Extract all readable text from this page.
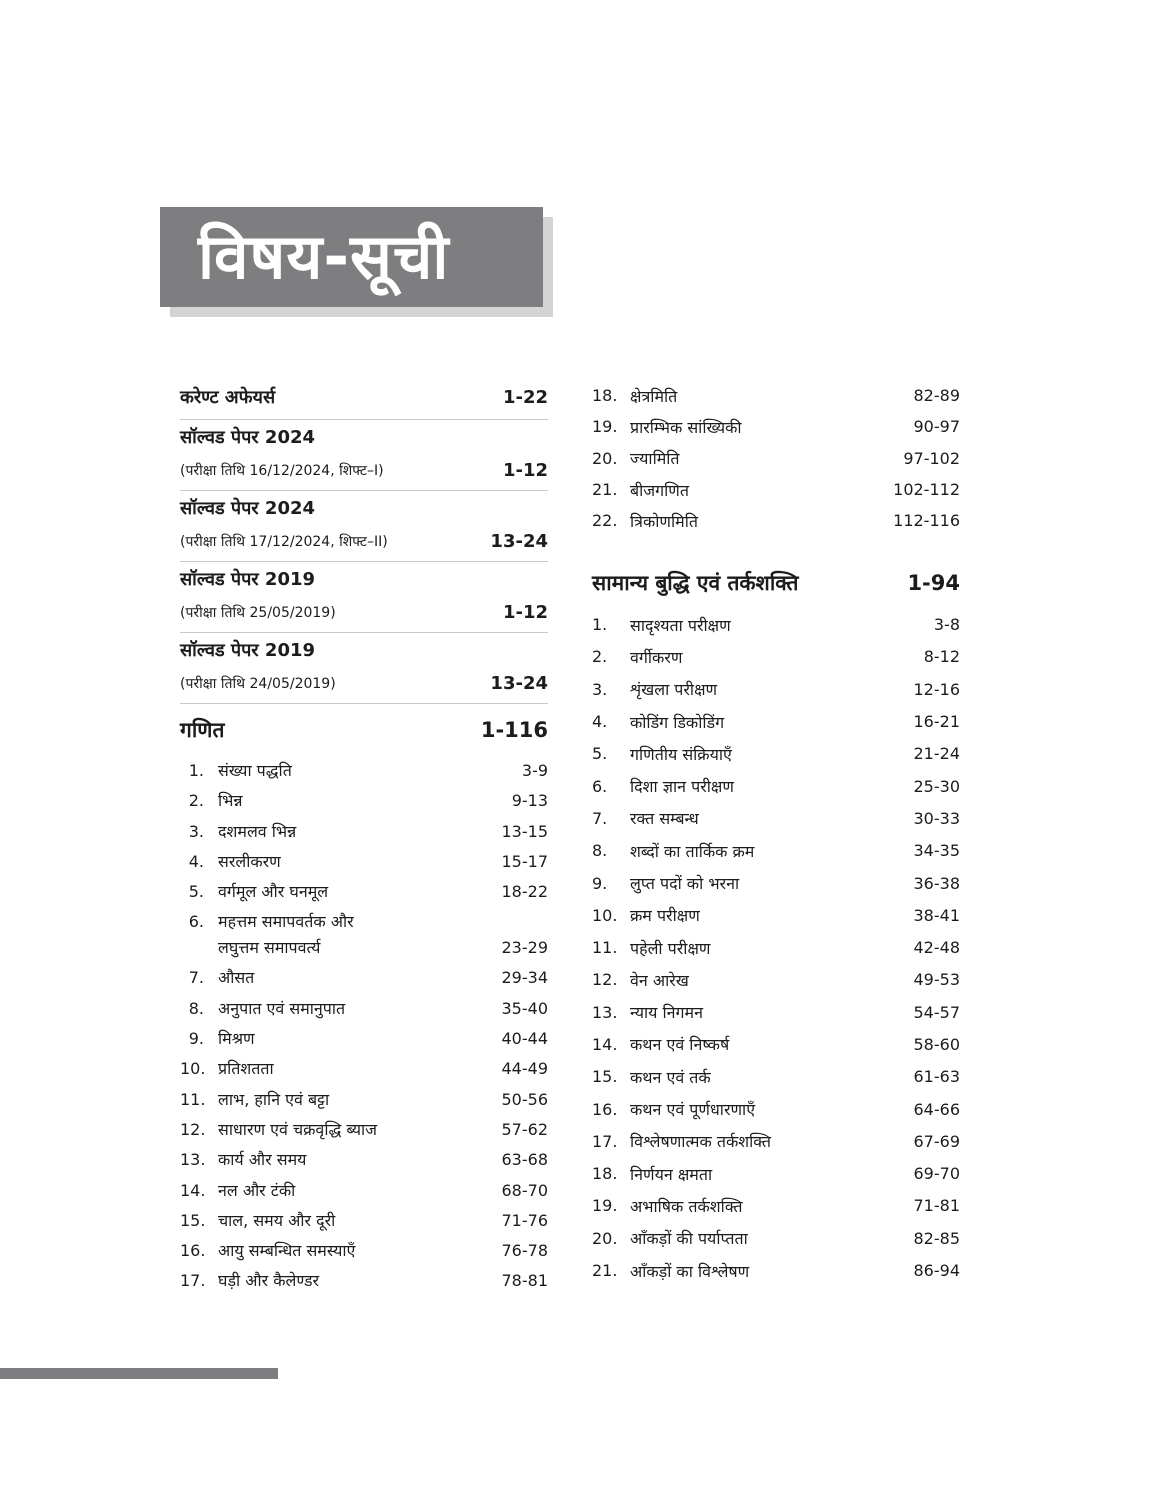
विषय-सूची
करेण्ट अफेयर्स	1-22
सॉल्वड पेपर 2024
(परीक्षा तिथि 16/12/2024, शिफ्ट–I)	1-12
सॉल्वड पेपर 2024
(परीक्षा तिथि 17/12/2024, शिफ्ट–II)	13-24
सॉल्वड पेपर 2019
(परीक्षा तिथि 25/05/2019)	1-12
सॉल्वड पेपर 2019
(परीक्षा तिथि 24/05/2019)	13-24
गणित	1-116
1. संख्या पद्धति	3-9
2. भिन्न	9-13
3. दशमलव भिन्न	13-15
4. सरलीकरण	15-17
5. वर्गमूल और घनमूल	18-22
6. महत्तम समापवर्तक और लघुत्तम समापवर्त्य	23-29
7. औसत	29-34
8. अनुपात एवं समानुपात	35-40
9. मिश्रण	40-44
10. प्रतिशतता	44-49
11. लाभ, हानि एवं बट्टा	50-56
12. साधारण एवं चक्रवृद्धि ब्याज	57-62
13. कार्य और समय	63-68
14. नल और टंकी	68-70
15. चाल, समय और दूरी	71-76
16. आयु सम्बन्धित समस्याएँ	76-78
17. घड़ी और कैलेण्डर	78-81
18. क्षेत्रमिति	82-89
19. प्रारम्भिक सांख्यिकी	90-97
20. ज्यामिति	97-102
21. बीजगणित	102-112
22. त्रिकोणमिति	112-116
सामान्य बुद्धि एवं तर्कशक्ति	1-94
1.	सादृश्यता परीक्षण	3-8
2.	वर्गीकरण	8-12
3.	शृंखला परीक्षण	12-16
4.	कोडिंग डिकोडिंग	16-21
5.	गणितीय संक्रियाएँ	21-24
6.	दिशा ज्ञान परीक्षण	25-30
7.	रक्त सम्बन्ध	30-33
8.	शब्दों का तार्किक क्रम	34-35
9.	लुप्त पदों को भरना	36-38
10. क्रम परीक्षण	38-41
11. पहेली परीक्षण	42-48
12. वेन आरेख	49-53
13. न्याय निगमन	54-57
14. कथन एवं निष्कर्ष	58-60
15. कथन एवं तर्क	61-63
16. कथन एवं पूर्णधारणाएँ	64-66
17. विश्लेषणात्मक तर्कशक्ति	67-69
18. निर्णयन क्षमता	69-70
19. अभाषिक तर्कशक्ति	71-81
20. आँकड़ों की पर्याप्तता	82-85
21. आँकड़ों का विश्लेषण	86-94
